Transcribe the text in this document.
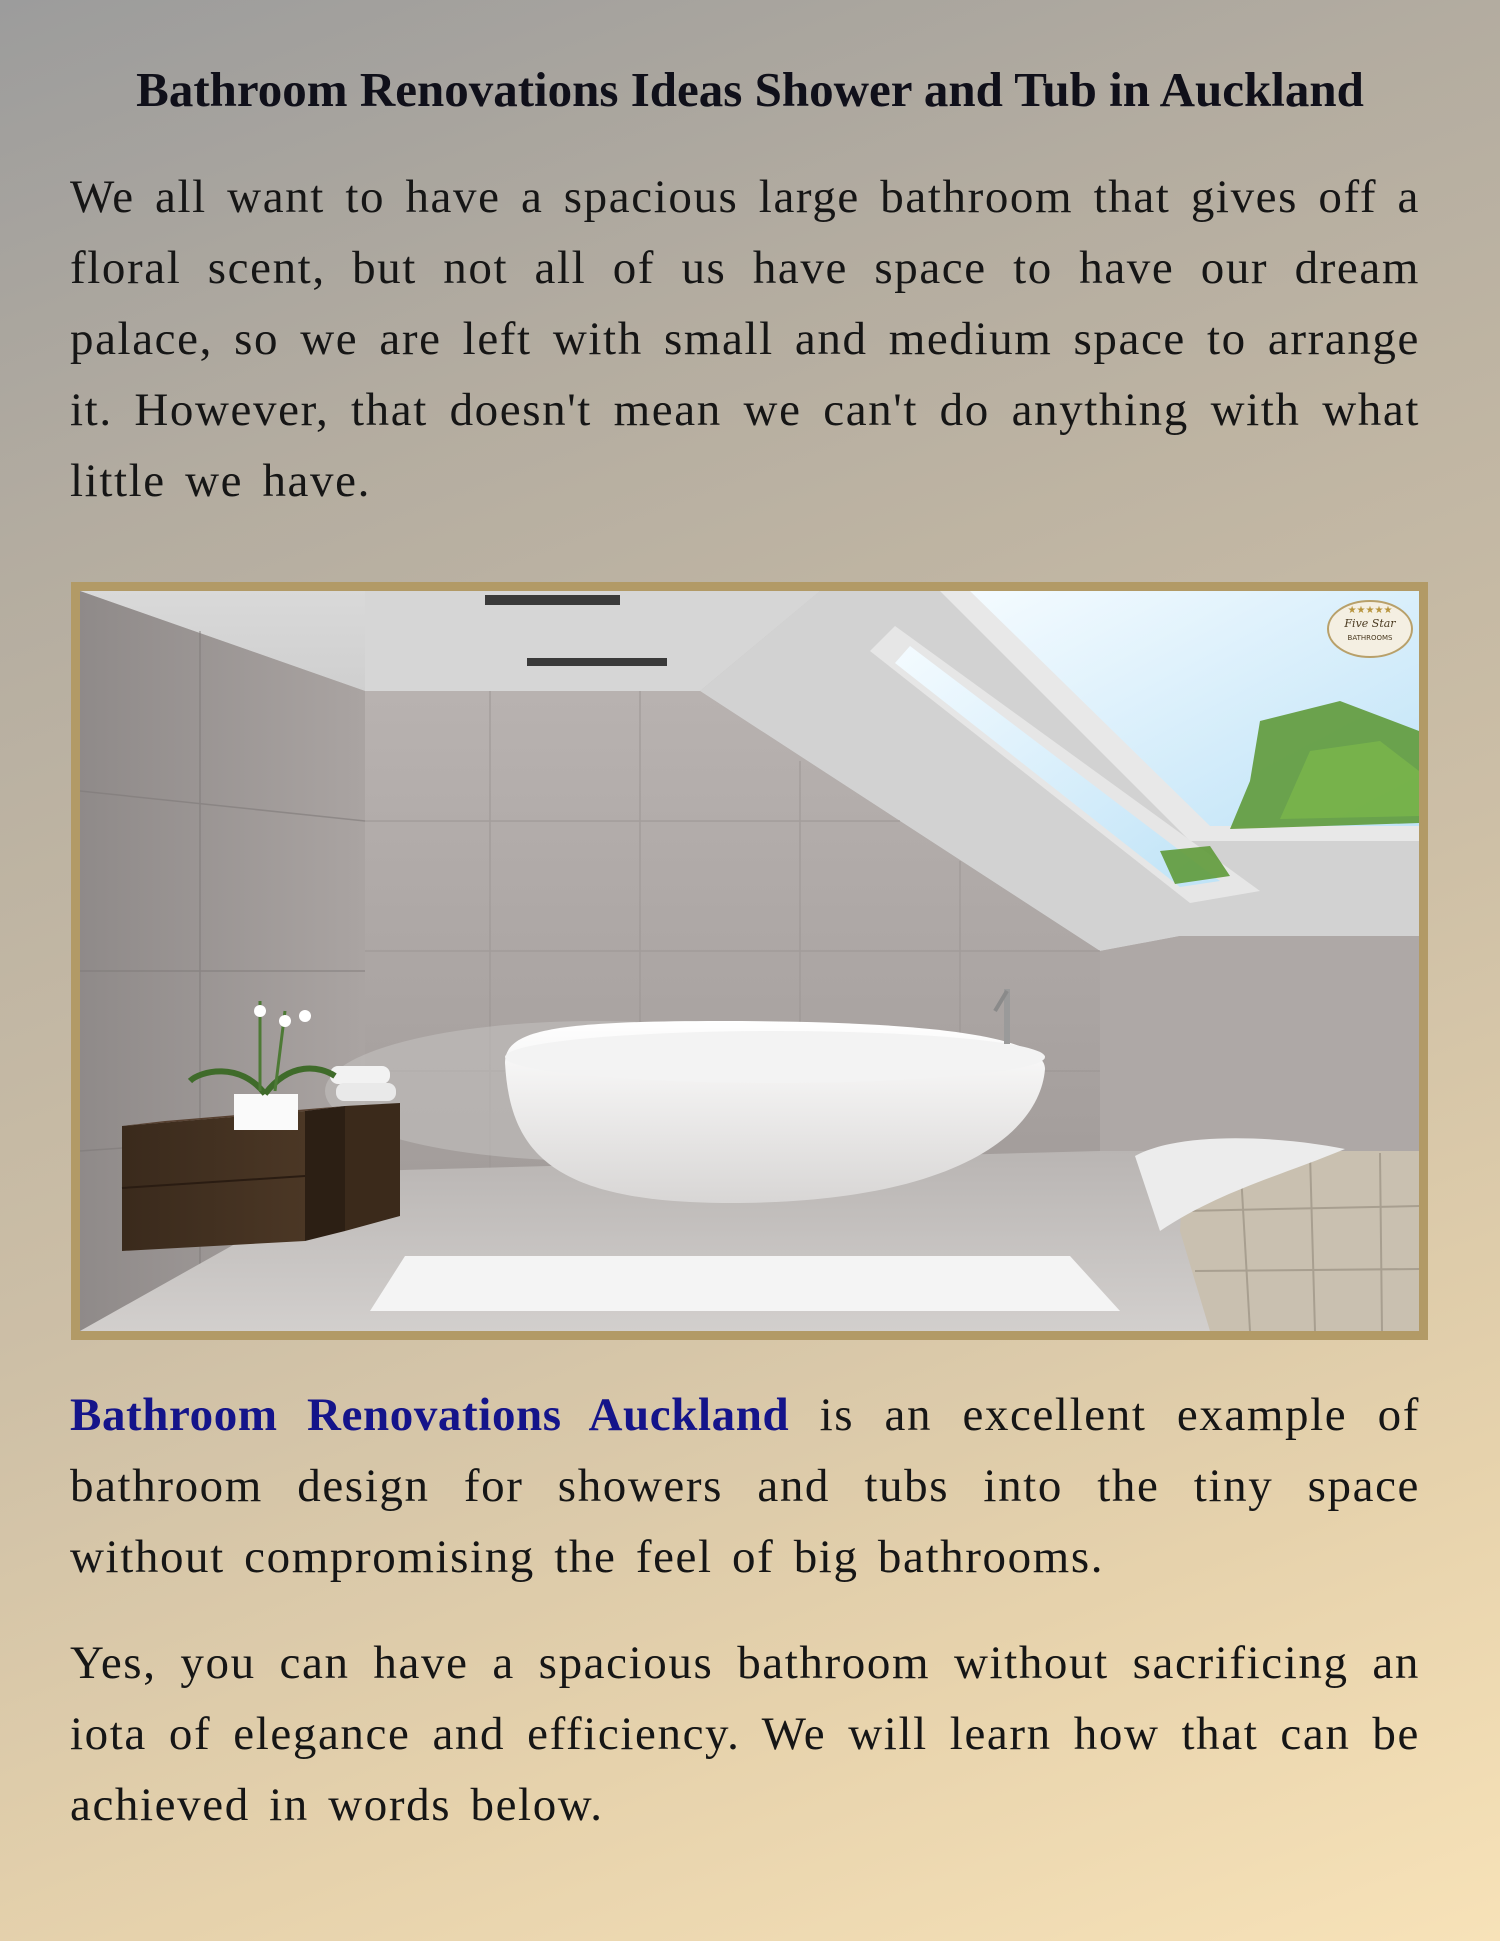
Bathroom Renovations Ideas Shower and Tub in Auckland

We all want to have a spacious large bathroom that gives off a floral scent, but not all of us have space to have our dream palace, so we are left with small and medium space to arrange it. However, that doesn't mean we can't do anything with what little we have.

Five Star
BATHROOMS
★★★★★

Bathroom Renovations Auckland is an excellent example of bathroom design for showers and tubs into the tiny space without compromising the feel of big bathrooms.

Yes, you can have a spacious bathroom without sacrificing an iota of elegance and efficiency. We will learn how that can be achieved in words below.
